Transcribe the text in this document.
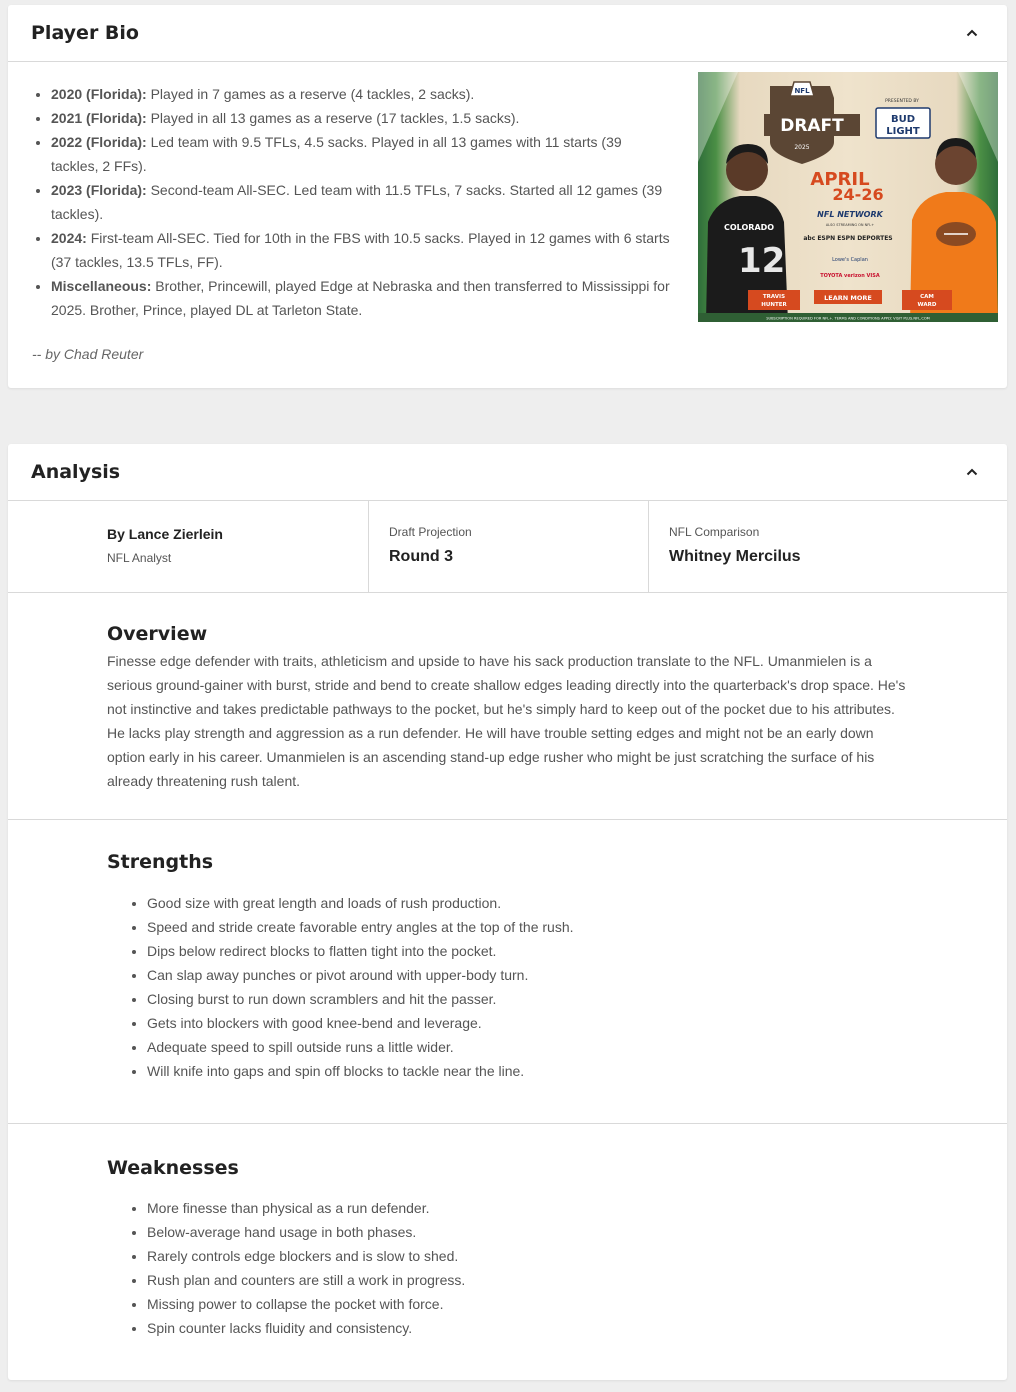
Player Bio
• 2020 (Florida): Played in 7 games as a reserve (4 tackles, 2 sacks).
• 2021 (Florida): Played in all 13 games as a reserve (17 tackles, 1.5 sacks).
• 2022 (Florida): Led team with 9.5 TFLs, 4.5 sacks. Played in all 13 games with 11 starts (39 tackles, 2 FFs).
• 2023 (Florida): Second-team All-SEC. Led team with 11.5 TFLs, 7 sacks. Started all 12 games (39 tackles).
• 2024: First-team All-SEC. Tied for 10th in the FBS with 10.5 sacks. Played in 12 games with 6 starts (37 tackles, 13.5 TFLs, FF).
• Miscellaneous: Brother, Princewill, played Edge at Nebraska and then transferred to Mississippi for 2025. Brother, Prince, played DL at Tarleton State.

-- by Chad Reuter

COLORADO
12
NFL
DRAFT
2025
PRESENTED BY
BUD
LIGHT
APRIL
24-26
NFL NETWORK
ALSO STREAMING ON NFL+
abc ESPN ESPN DEPORTES
Lowe's Caplan
TOYOTA verizon VISA
TRAVIS
HUNTER
LEARN MORE	CAM
WARD
SUBSCRIPTION REQUIRED FOR NFL+. TERMS AND CONDITIONS APPLY. VISIT PLUS.NFL.COM
Analysis
By Lance Zierlein
NFL Analyst
Draft Projection
Round 3
NFL Comparison
Whitney Mercilus
Overview

Finesse edge defender with traits, athleticism and upside to have his sack production translate to the NFL. Umanmielen is a serious ground-gainer with burst, stride and bend to create shallow edges leading directly into the quarterback's drop space. He's not instinctive and takes predictable pathways to the pocket, but he's simply hard to keep out of the pocket due to his attributes. He lacks play strength and aggression as a run defender. He will have trouble setting edges and might not be an early down option early in his career. Umanmielen is an ascending stand-up edge rusher who might be just scratching the surface of his already threatening rush talent.

Strengths
• Good size with great length and loads of rush production.
• Speed and stride create favorable entry angles at the top of the rush.
• Dips below redirect blocks to flatten tight into the pocket.
• Can slap away punches or pivot around with upper-body turn.
• Closing burst to run down scramblers and hit the passer.
• Gets into blockers with good knee-bend and leverage.
• Adequate speed to spill outside runs a little wider.
• Will knife into gaps and spin off blocks to tackle near the line.
Weaknesses
• More finesse than physical as a run defender.
• Below-average hand usage in both phases.
• Rarely controls edge blockers and is slow to shed.
• Rush plan and counters are still a work in progress.
• Missing power to collapse the pocket with force.
• Spin counter lacks fluidity and consistency.
